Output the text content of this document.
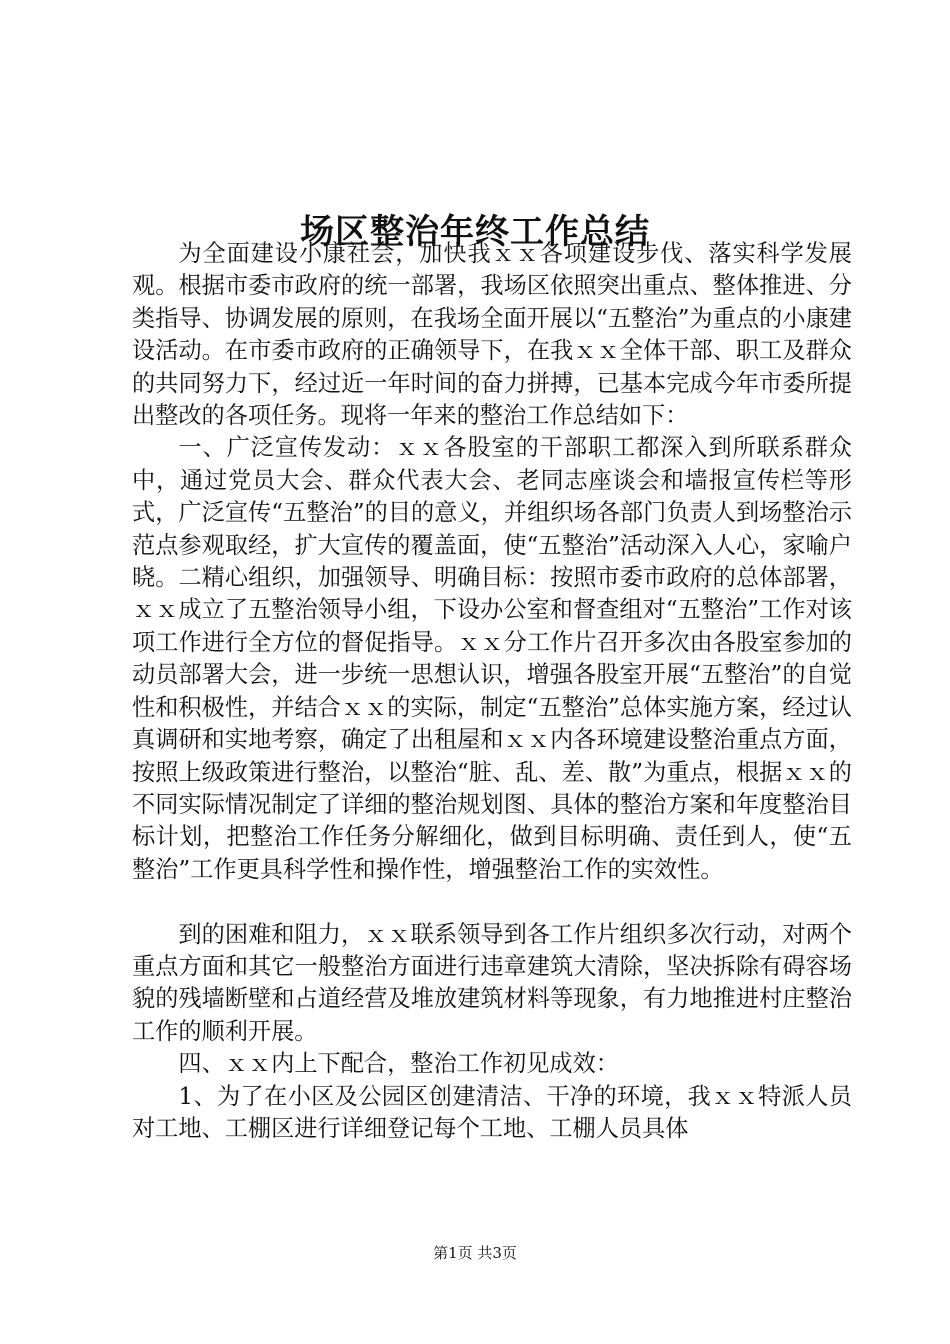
场区整治年终工作总结

为全面建设小康社会，加快我ｘｘ各项建设步伐、落实科学发展观。根据市委市政府的统一部署，我场区依照突出重点、整体推进、分类指导、协调发展的原则，在我场全面开展以“五整治”为重点的小康建设活动。在市委市政府的正确领导下，在我ｘｘ全体干部、职工及群众的共同努力下，经过近一年时间的奋力拼搏，已基本完成今年市委所提出整改的各项任务。现将一年来的整治工作总结如下：

一、广泛宣传发动：ｘｘ各股室的干部职工都深入到所联系群众中，通过党员大会、群众代表大会、老同志座谈会和墙报宣传栏等形式，广泛宣传“五整治”的目的意义，并组织场各部门负责人到场整治示范点参观取经，扩大宣传的覆盖面，使“五整治”活动深入人心，家喻户晓。二精心组织，加强领导、明确目标：按照市委市政府的总体部署，ｘｘ成立了五整治领导小组，下设办公室和督查组对“五整治”工作对该项工作进行全方位的督促指导。ｘｘ分工作片召开多次由各股室参加的动员部署大会，进一步统一思想认识，增强各股室开展“五整治”的自觉性和积极性，并结合ｘｘ的实际，制定“五整治”总体实施方案，经过认真调研和实地考察，确定了出租屋和ｘｘ内各环境建设整治重点方面，按照上级政策进行整治，以整治“脏、乱、差、散”为重点，根据ｘｘ的不同实际情况制定了详细的整治规划图、具体的整治方案和年度整治目标计划，把整治工作任务分解细化，做到目标明确、责任到人，使“五整治”工作更具科学性和操作性，增强整治工作的实效性。

到的困难和阻力，ｘｘ联系领导到各工作片组织多次行动，对两个重点方面和其它一般整治方面进行违章建筑大清除，坚决拆除有碍容场貌的残墙断壁和占道经营及堆放建筑材料等现象，有力地推进村庄整治工作的顺利开展。

四、ｘｘ内上下配合，整治工作初见成效：

1、为了在小区及公园区创建清洁、干净的环境，我ｘｘ特派人员对工地、工棚区进行详细登记每个工地、工棚人员具体

第1页 共3页
